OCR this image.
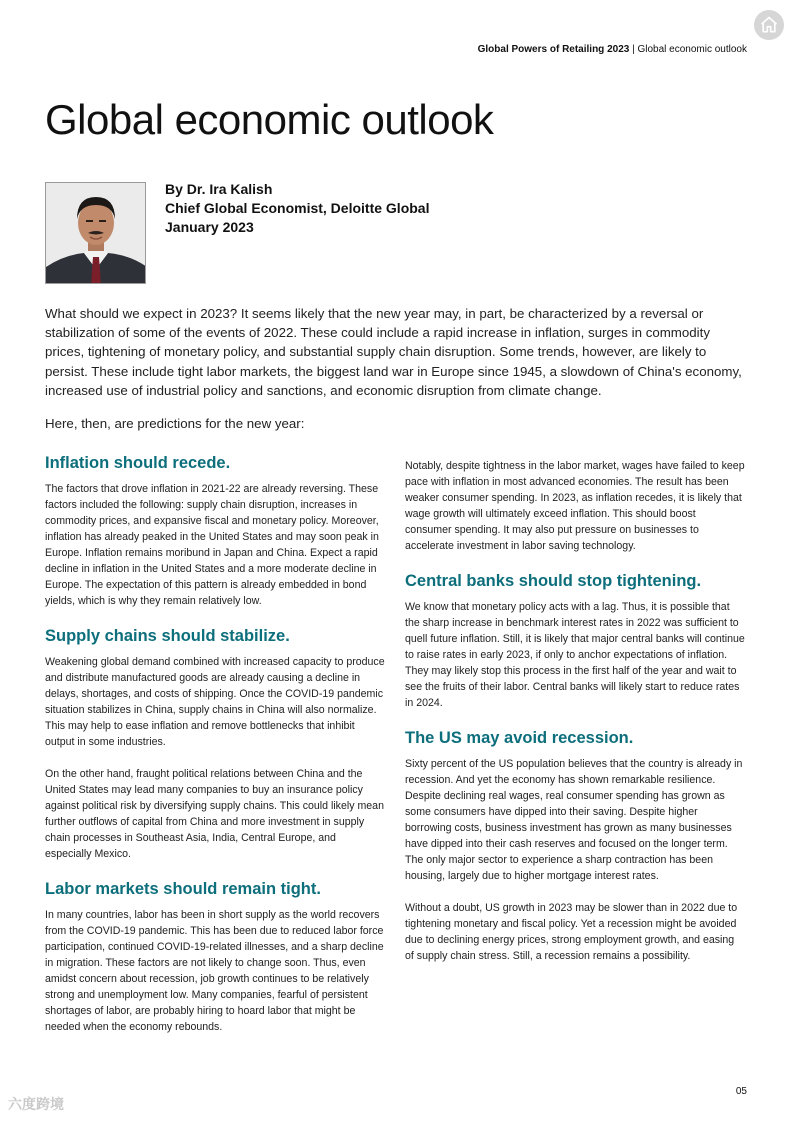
Global Powers of Retailing 2023 | Global economic outlook
Global economic outlook
By Dr. Ira Kalish
Chief Global Economist, Deloitte Global
January 2023

What should we expect in 2023? It seems likely that the new year may, in part, be characterized by a reversal or stabilization of some of the events of 2022. These could include a rapid increase in inflation, surges in commodity prices, tightening of monetary policy, and substantial supply chain disruption. Some trends, however, are likely to persist. These include tight labor markets, the biggest land war in Europe since 1945, a slowdown of China's economy, increased use of industrial policy and sanctions, and economic disruption from climate change.

Here, then, are predictions for the new year:

Inflation should recede.

The factors that drove inflation in 2021-22 are already reversing. These factors included the following: supply chain disruption, increases in commodity prices, and expansive fiscal and monetary policy. Moreover, inflation has already peaked in the United States and may soon peak in Europe. Inflation remains moribund in Japan and China. Expect a rapid decline in inflation in the United States and a more moderate decline in Europe. The expectation of this pattern is already embedded in bond yields, which is why they remain relatively low.

Supply chains should stabilize.

Weakening global demand combined with increased capacity to produce and distribute manufactured goods are already causing a decline in delays, shortages, and costs of shipping. Once the COVID-19 pandemic situation stabilizes in China, supply chains in China will also normalize. This may help to ease inflation and remove bottlenecks that inhibit output in some industries.

On the other hand, fraught political relations between China and the United States may lead many companies to buy an insurance policy against political risk by diversifying supply chains. This could likely mean further outflows of capital from China and more investment in supply chain processes in Southeast Asia, India, Central Europe, and especially Mexico.

Labor markets should remain tight.

In many countries, labor has been in short supply as the world recovers from the COVID-19 pandemic. This has been due to reduced labor force participation, continued COVID-19-related illnesses, and a sharp decline in migration. These factors are not likely to change soon. Thus, even amidst concern about recession, job growth continues to be relatively strong and unemployment low. Many companies, fearful of persistent shortages of labor, are probably hiring to hoard labor that might be needed when the economy rebounds.

Notably, despite tightness in the labor market, wages have failed to keep pace with inflation in most advanced economies. The result has been weaker consumer spending. In 2023, as inflation recedes, it is likely that wage growth will ultimately exceed inflation. This should boost consumer spending. It may also put pressure on businesses to accelerate investment in labor saving technology.

Central banks should stop tightening.

We know that monetary policy acts with a lag. Thus, it is possible that the sharp increase in benchmark interest rates in 2022 was sufficient to quell future inflation. Still, it is likely that major central banks will continue to raise rates in early 2023, if only to anchor expectations of inflation. They may likely stop this process in the first half of the year and wait to see the fruits of their labor. Central banks will likely start to reduce rates in 2024.

The US may avoid recession.

Sixty percent of the US population believes that the country is already in recession. And yet the economy has shown remarkable resilience. Despite declining real wages, real consumer spending has grown as some consumers have dipped into their saving. Despite higher borrowing costs, business investment has grown as many businesses have dipped into their cash reserves and focused on the longer term. The only major sector to experience a sharp contraction has been housing, largely due to higher mortgage interest rates.

Without a doubt, US growth in 2023 may be slower than in 2022 due to tightening monetary and fiscal policy. Yet a recession might be avoided due to declining energy prices, strong employment growth, and easing of supply chain stress. Still, a recession remains a possibility.

05
六度跨境
